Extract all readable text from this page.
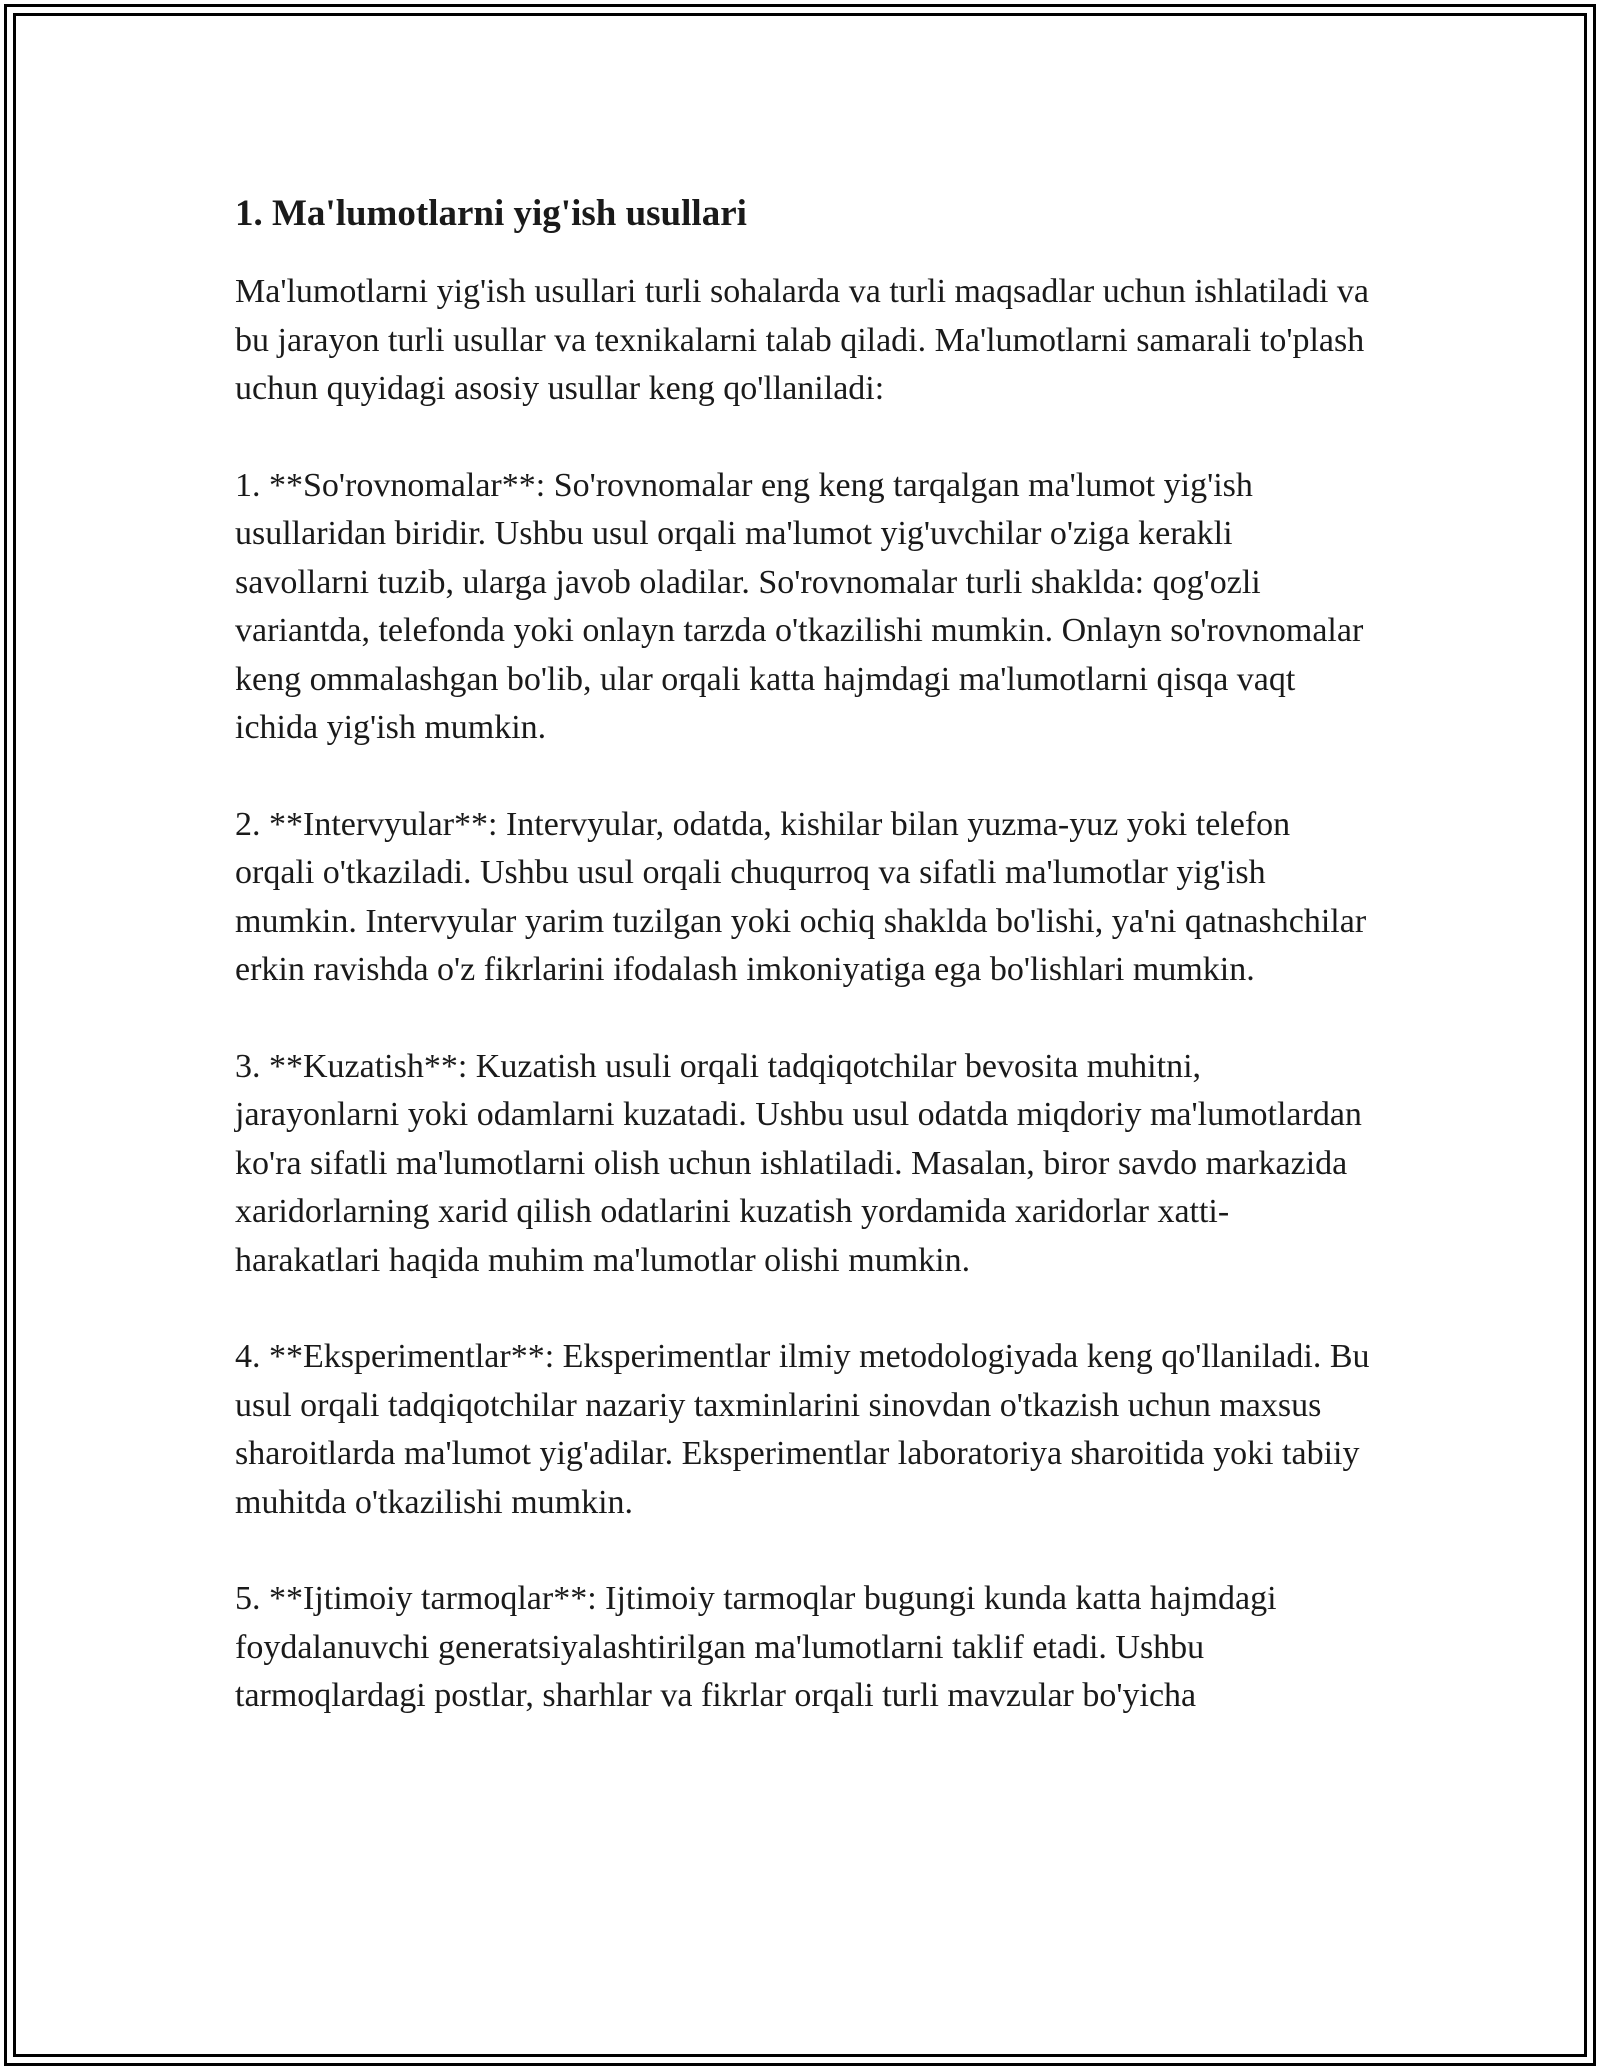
1. Ma'lumotlarni yig'ish usullari

Ma'lumotlarni yig'ish usullari turli sohalarda va turli maqsadlar uchun ishlatiladi va bu jarayon turli usullar va texnikalarni talab qiladi. Ma'lumotlarni samarali to'plash uchun quyidagi asosiy usullar keng qo'llaniladi:

1. **So'rovnomalar**: So'rovnomalar eng keng tarqalgan ma'lumot yig'ish usullaridan biridir. Ushbu usul orqali ma'lumot yig'uvchilar o'ziga kerakli savollarni tuzib, ularga javob oladilar. So'rovnomalar turli shaklda: qog'ozli variantda, telefonda yoki onlayn tarzda o'tkazilishi mumkin. Onlayn so'rovnomalar keng ommalashgan bo'lib, ular orqali katta hajmdagi ma'lumotlarni qisqa vaqt ichida yig'ish mumkin.

2. **Intervyular**: Intervyular, odatda, kishilar bilan yuzma-yuz yoki telefon orqali o'tkaziladi. Ushbu usul orqali chuqurroq va sifatli ma'lumotlar yig'ish mumkin. Intervyular yarim tuzilgan yoki ochiq shaklda bo'lishi, ya'ni qatnashchilar erkin ravishda o'z fikrlarini ifodalash imkoniyatiga ega bo'lishlari mumkin.

3. **Kuzatish**: Kuzatish usuli orqali tadqiqotchilar bevosita muhitni, jarayonlarni yoki odamlarni kuzatadi. Ushbu usul odatda miqdoriy ma'lumotlardan ko'ra sifatli ma'lumotlarni olish uchun ishlatiladi. Masalan, biror savdo markazida xaridorlarning xarid qilish odatlarini kuzatish yordamida xaridorlar xatti-harakatlari haqida muhim ma'lumotlar olishi mumkin.

4. **Eksperimentlar**: Eksperimentlar ilmiy metodologiyada keng qo'llaniladi. Bu usul orqali tadqiqotchilar nazariy taxminlarini sinovdan o'tkazish uchun maxsus sharoitlarda ma'lumot yig'adilar. Eksperimentlar laboratoriya sharoitida yoki tabiiy muhitda o'tkazilishi mumkin.

5. **Ijtimoiy tarmoqlar**: Ijtimoiy tarmoqlar bugungi kunda katta hajmdagi foydalanuvchi generatsiyalashtirilgan ma'lumotlarni taklif etadi. Ushbu tarmoqlardagi postlar, sharhlar va fikrlar orqali turli mavzular bo'yicha
